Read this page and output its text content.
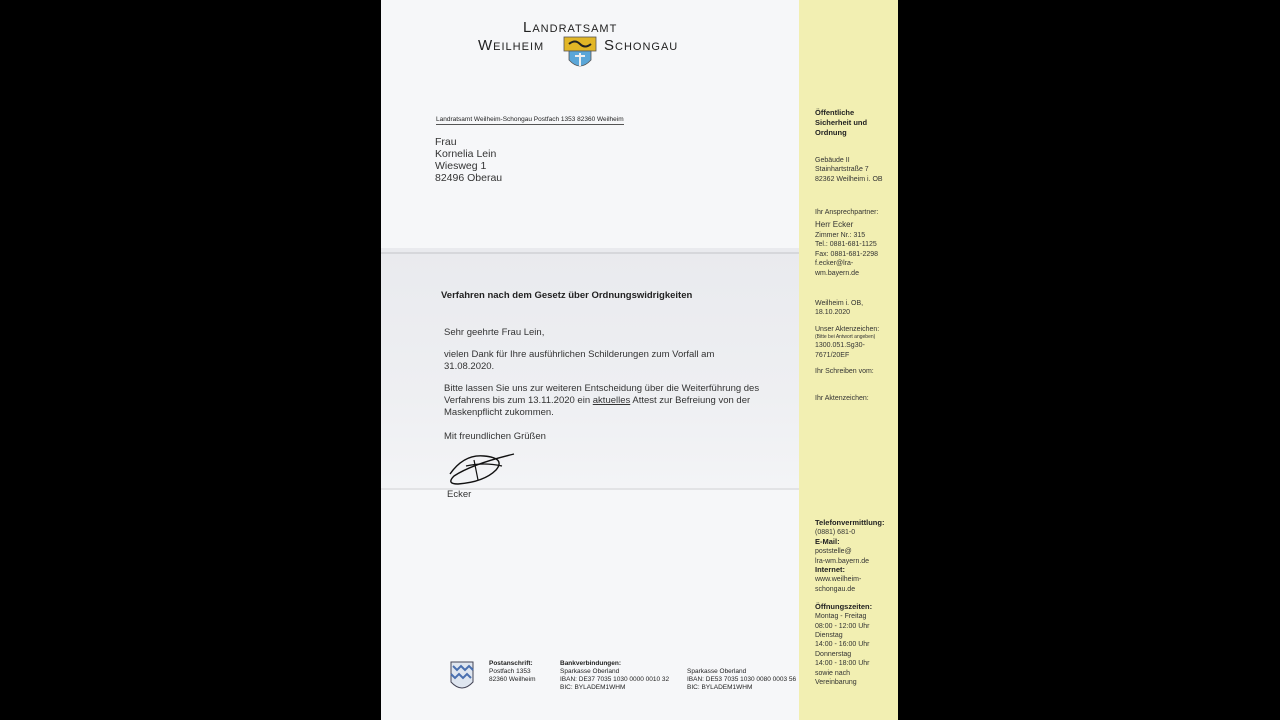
Öffentliche
Sicherheit und
Ordnung
Gebäude II
Stainhartstraße 7
82362 Weilheim i. OB
Ihr Ansprechpartner:
Herr Ecker
Zimmer Nr.: 315
Tel.: 0881-681-1125
Fax: 0881-681-2298
f.ecker@lra-
wm.bayern.de
Weilheim i. OB,
18.10.2020
Unser Aktenzeichen:
(Bitte bei Antwort angeben)
1300.051.Sg30-
7671/20EF
Ihr Schreiben vom:
Ihr Aktenzeichen:
Telefonvermittlung:
(0881) 681-0
E-Mail:
poststelle@
lra-wm.bayern.de
Internet:
www.weilheim-
schongau.de
Öffnungszeiten:
Montag - Freitag
08:00 - 12:00 Uhr
Dienstag
14:00 - 16:00 Uhr
Donnerstag
14:00 - 18:00 Uhr
sowie nach
Vereinbarung
Landratsamt
Weilheim	Schongau
Landratsamt Weilheim-Schongau Postfach 1353 82360 Weilheim
Frau
Kornelia Lein
Wiesweg 1
82496 Oberau
Verfahren nach dem Gesetz über Ordnungswidrigkeiten
Sehr geehrte Frau Lein,
vielen Dank für Ihre ausführlichen Schilderungen zum Vorfall am
31.08.2020.
Bitte lassen Sie uns zur weiteren Entscheidung über die Weiterführung des
Verfahrens bis zum 13.11.2020 ein aktuelles Attest zur Befreiung von der
Maskenpflicht zukommen.
Mit freundlichen Grüßen
Ecker
Postanschrift:
Postfach 1353
82360 Weilheim
Bankverbindungen:
Sparkasse Oberland
IBAN: DE37 7035 1030 0000 0010 32
BIC: BYLADEM1WHM
Sparkasse Oberland
IBAN: DE53 7035 1030 0080 0003 56
BIC: BYLADEM1WHM
